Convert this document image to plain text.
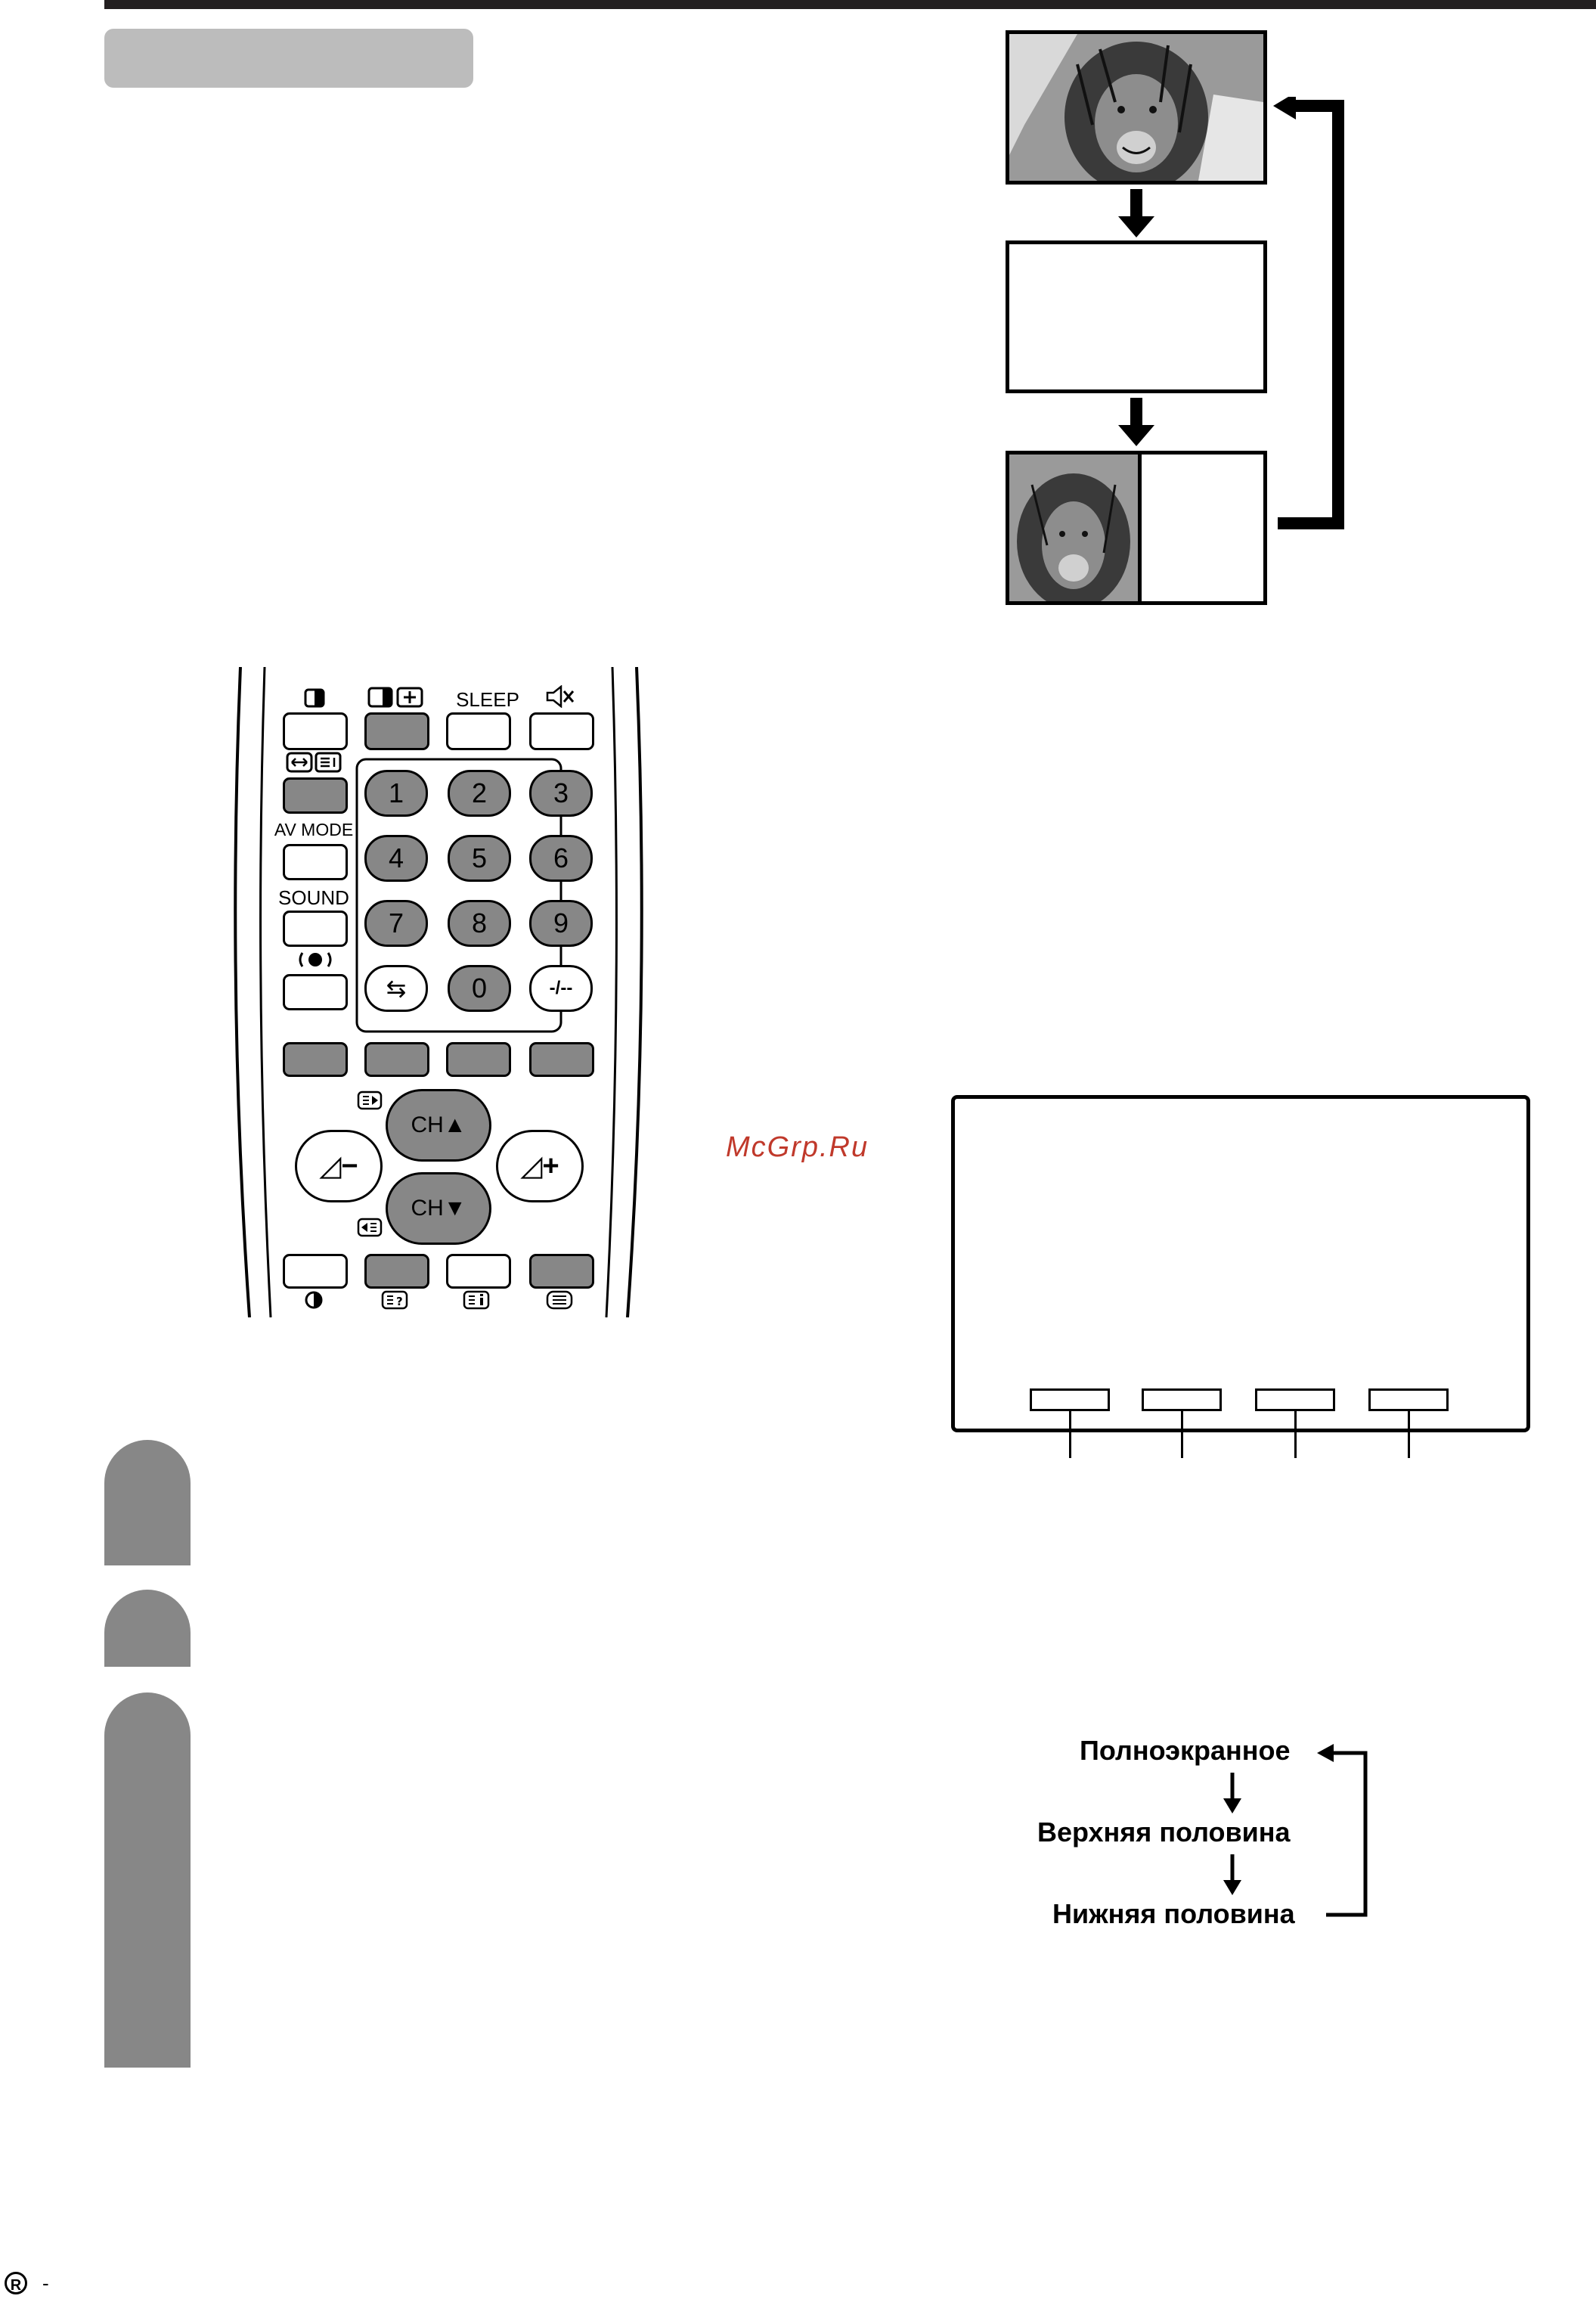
SLEEP
AV MODE
SOUND
1	2	3
4	5	6
7	8	9
⇆	0	-/--
CH▲
CH▼
◿−	◿+
?
McGrp.Ru
Полноэкранное
Верхняя половина
Нижняя половина
R -
